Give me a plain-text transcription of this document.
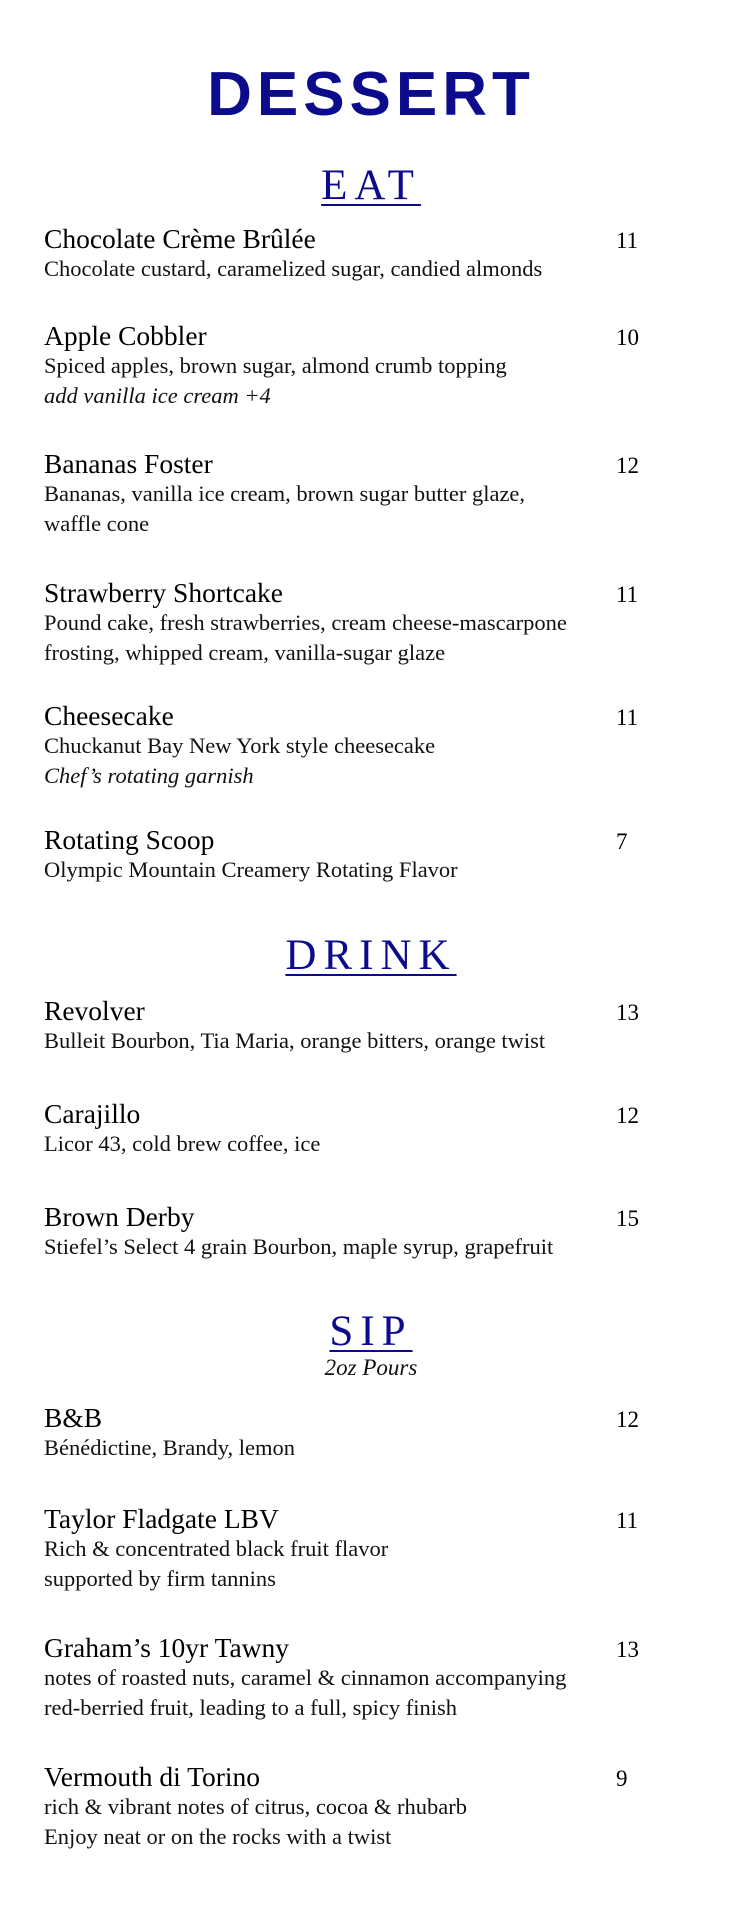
DESSERT
EAT
Chocolate Crème Brûlée	11
Chocolate custard, caramelized sugar, candied almonds
Apple Cobbler	10
Spiced apples, brown sugar, almond crumb topping
add vanilla ice cream +4
Bananas Foster	12
Bananas, vanilla ice cream, brown sugar butter glaze,
waffle cone
Strawberry Shortcake	11
Pound cake, fresh strawberries, cream cheese-mascarpone
frosting, whipped cream, vanilla-sugar glaze
Cheesecake	11
Chuckanut Bay New York style cheesecake
Chef’s rotating garnish
Rotating Scoop	7
Olympic Mountain Creamery Rotating Flavor
DRINK
Revolver	13
Bulleit Bourbon, Tia Maria, orange bitters, orange twist
Carajillo	12
Licor 43, cold brew coffee, ice
Brown Derby	15
Stiefel’s Select 4 grain Bourbon, maple syrup, grapefruit
SIP
2oz Pours
B&B	12
Bénédictine, Brandy, lemon
Taylor Fladgate LBV	11
Rich & concentrated black fruit flavor
supported by firm tannins
Graham’s 10yr Tawny	13
notes of roasted nuts, caramel & cinnamon accompanying
red-berried fruit, leading to a full, spicy finish
Vermouth di Torino	9
rich & vibrant notes of citrus, cocoa & rhubarb
Enjoy neat or on the rocks with a twist
